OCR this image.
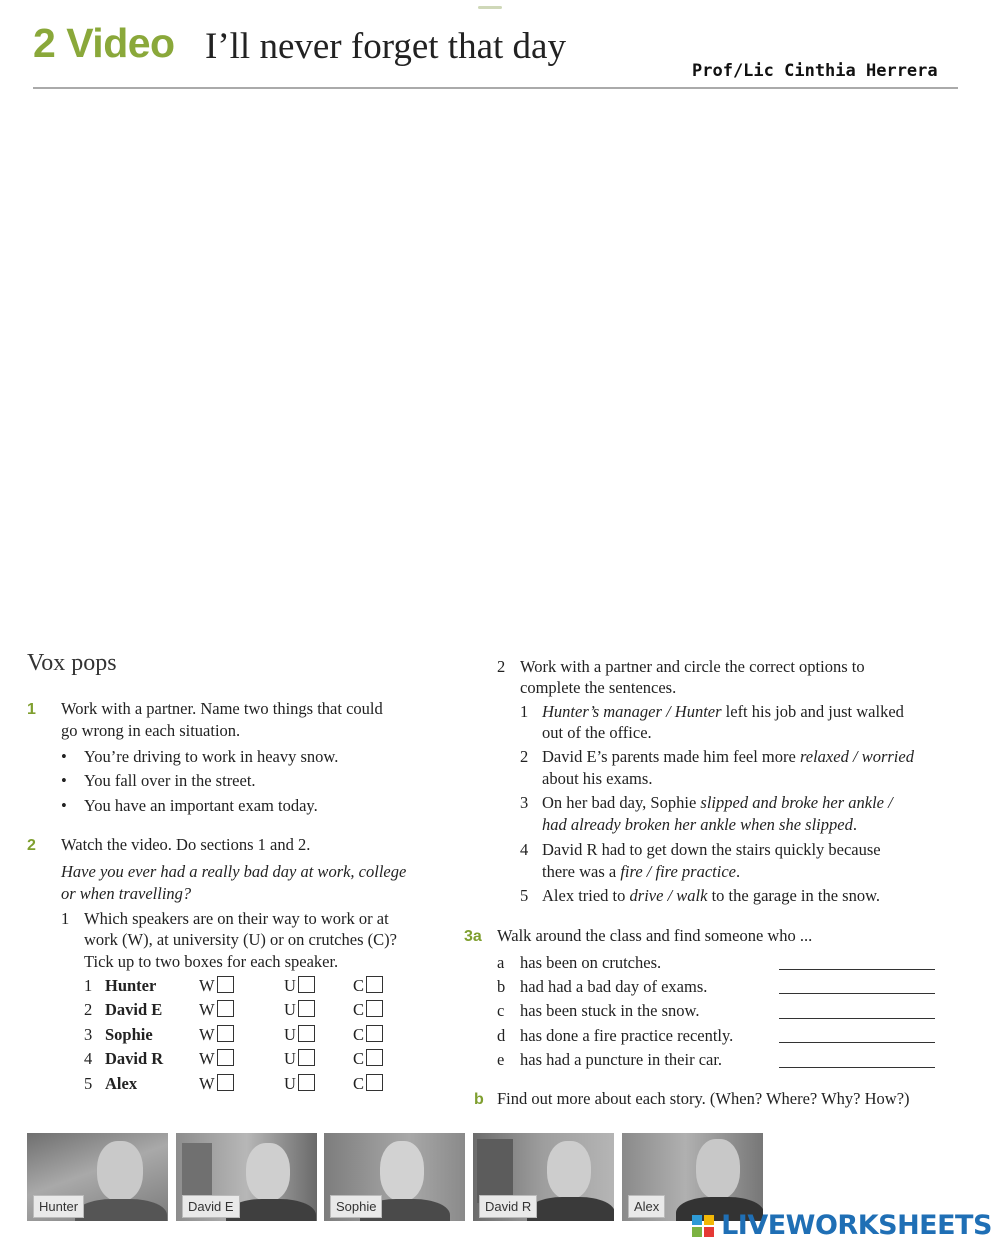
2 Video I’ll never forget that day
Prof/Lic Cinthia Herrera
Vox pops
1 Work with a partner. Name two things that could
go wrong in each situation.
• You’re driving to work in heavy snow.
• You fall over in the street.
• You have an important exam today.
2 Watch the video. Do sections 1 and 2.
Have you ever had a really bad day at work, college
or when travelling?
1 Which speakers are on their way to work or at
work (W), at university (U) or on crutches (C)?
Tick up to two boxes for each speaker.
1 Hunter	W	U	C
2 David E W	U	C
3 Sophie	W	U	C
4 David R W	U	C
5 Alex	W	U	C
2 Work with a partner and circle the correct options to
complete the sentences.
1 Hunter’s manager / Hunter left his job and just walked
out of the office.
2 David E’s parents made him feel more relaxed / worried
about his exams.
3 On her bad day, Sophie slipped and broke her ankle /
had already broken her ankle when she slipped.
4 David R had to get down the stairs quickly because
there was a fire / fire practice.
5 Alex tried to drive / walk to the garage in the snow.
3a Walk around the class and find someone who ...
a has been on crutches.
b had had a bad day of exams.
c has been stuck in the snow.
d has done a fire practice recently.
e has had a puncture in their car.
b Find out more about each story. (When? Where? Why? How?)
Hunter	David E	Sophie	David R	Alex
LIVEWORKSHEETS
